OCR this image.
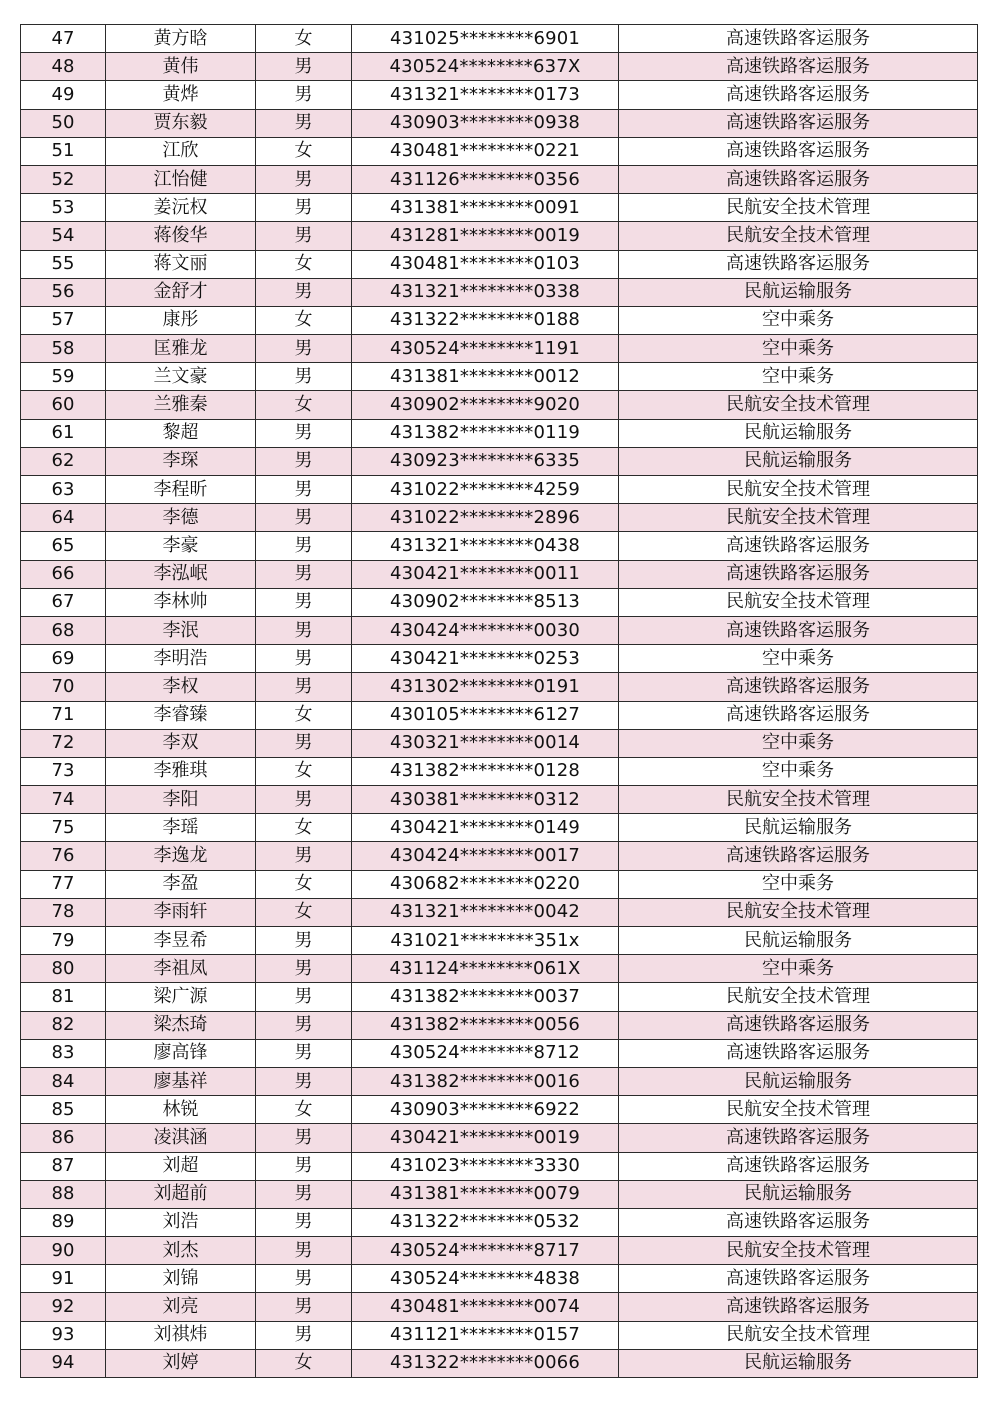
47	黄方晗	女	431025********6901	高速铁路客运服务
48	黄伟	男	430524********637X	高速铁路客运服务
49	黄烨	男	431321********0173	高速铁路客运服务
50	贾东毅	男	430903********0938	高速铁路客运服务
51	江欣	女	430481********0221	高速铁路客运服务
52	江怡健	男	431126********0356	高速铁路客运服务
53	姜沅权	男	431381********0091	民航安全技术管理
54	蒋俊华	男	431281********0019	民航安全技术管理
55	蒋文丽	女	430481********0103	高速铁路客运服务
56	金舒才	男	431321********0338	民航运输服务
57	康彤	女	431322********0188	空中乘务
58	匡雅龙	男	430524********1191	空中乘务
59	兰文豪	男	431381********0012	空中乘务
60	兰雅秦	女	430902********9020	民航安全技术管理
61	黎超	男	431382********0119	民航运输服务
62	李琛	男	430923********6335	民航运输服务
63	李程昕	男	431022********4259	民航安全技术管理
64	李德	男	431022********2896	民航安全技术管理
65	李豪	男	431321********0438	高速铁路客运服务
66	李泓岷	男	430421********0011	高速铁路客运服务
67	李林帅	男	430902********8513	民航安全技术管理
68	李泯	男	430424********0030	高速铁路客运服务
69	李明浩	男	430421********0253	空中乘务
70	李权	男	431302********0191	高速铁路客运服务
71	李睿臻	女	430105********6127	高速铁路客运服务
72	李双	男	430321********0014	空中乘务
73	李雅琪	女	431382********0128	空中乘务
74	李阳	男	430381********0312	民航安全技术管理
75	李瑶	女	430421********0149	民航运输服务
76	李逸龙	男	430424********0017	高速铁路客运服务
77	李盈	女	430682********0220	空中乘务
78	李雨轩	女	431321********0042	民航安全技术管理
79	李昱希	男	431021********351x	民航运输服务
80	李祖凤	男	431124********061X	空中乘务
81	梁广源	男	431382********0037	民航安全技术管理
82	梁杰琦	男	431382********0056	高速铁路客运服务
83	廖高锋	男	430524********8712	高速铁路客运服务
84	廖基祥	男	431382********0016	民航运输服务
85	林锐	女	430903********6922	民航安全技术管理
86	凌淇涵	男	430421********0019	高速铁路客运服务
87	刘超	男	431023********3330	高速铁路客运服务
88	刘超前	男	431381********0079	民航运输服务
89	刘浩	男	431322********0532	高速铁路客运服务
90	刘杰	男	430524********8717	民航安全技术管理
91	刘锦	男	430524********4838	高速铁路客运服务
92	刘亮	男	430481********0074	高速铁路客运服务
93	刘祺炜	男	431121********0157	民航安全技术管理
94	刘婷	女	431322********0066	民航运输服务
